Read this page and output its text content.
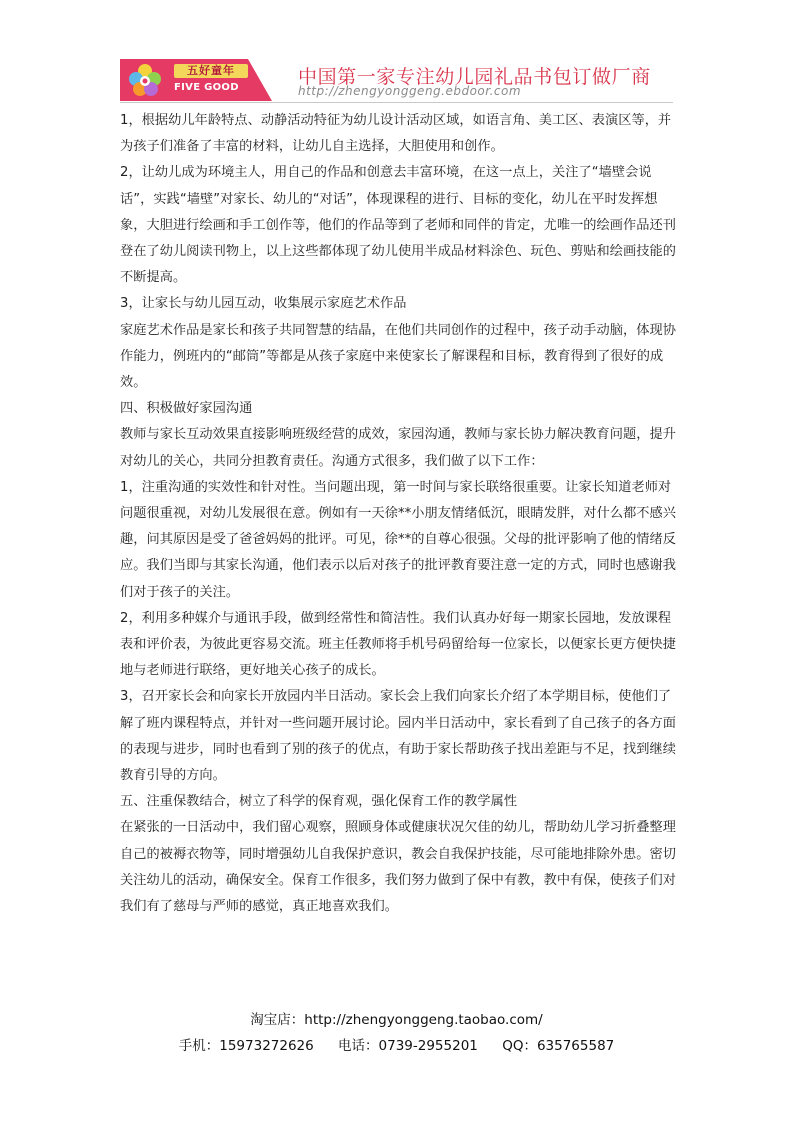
五好童年
FIVE GOOD	中国第一家专注幼儿园礼品书包订做厂商
http://zhengyonggeng.ebdoor.com

1，根据幼儿年龄特点、动静活动特征为幼儿设计活动区域，如语言角、美工区、表演区等，并为孩子们准备了丰富的材料，让幼儿自主选择，大胆使用和创作。

2，让幼儿成为环境主人，用自己的作品和创意去丰富环境，在这一点上，关注了“墙壁会说话”，实践“墙壁”对家长、幼儿的“对话”，体现课程的进行、目标的变化，幼儿在平时发挥想象，大胆进行绘画和手工创作等，他们的作品等到了老师和同伴的肯定，尤唯一的绘画作品还刊登在了幼儿阅读刊物上，以上这些都体现了幼儿使用半成品材料涂色、玩色、剪贴和绘画技能的不断提高。

3，让家长与幼儿园互动，收集展示家庭艺术作品

家庭艺术作品是家长和孩子共同智慧的结晶，在他们共同创作的过程中，孩子动手动脑，体现协作能力，例班内的“邮筒”等都是从孩子家庭中来使家长了解课程和目标，教育得到了很好的成效。

四、积极做好家园沟通

教师与家长互动效果直接影响班级经营的成效，家园沟通，教师与家长协力解决教育问题，提升对幼儿的关心，共同分担教育责任。沟通方式很多，我们做了以下工作：

1，注重沟通的实效性和针对性。当问题出现，第一时间与家长联络很重要。让家长知道老师对问题很重视，对幼儿发展很在意。例如有一天徐**小朋友情绪低沉，眼睛发胖，对什么都不感兴趣，问其原因是受了爸爸妈妈的批评。可见，徐**的自尊心很强。父母的批评影响了他的情绪反应。我们当即与其家长沟通，他们表示以后对孩子的批评教育要注意一定的方式，同时也感谢我们对于孩子的关注。

2，利用多种媒介与通讯手段，做到经常性和简洁性。我们认真办好每一期家长园地，发放课程表和评价表，为彼此更容易交流。班主任教师将手机号码留给每一位家长，以便家长更方便快捷地与老师进行联络，更好地关心孩子的成长。

3，召开家长会和向家长开放园内半日活动。家长会上我们向家长介绍了本学期目标，使他们了解了班内课程特点，并针对一些问题开展讨论。园内半日活动中，家长看到了自己孩子的各方面的表现与进步，同时也看到了别的孩子的优点，有助于家长帮助孩子找出差距与不足，找到继续教育引导的方向。

五、注重保教结合，树立了科学的保育观，强化保育工作的教学属性

在紧张的一日活动中，我们留心观察，照顾身体或健康状况欠佳的幼儿，帮助幼儿学习折叠整理自己的被褥衣物等，同时增强幼儿自我保护意识，教会自我保护技能，尽可能地排除外患。密切关注幼儿的活动，确保安全。保育工作很多，我们努力做到了保中有教，教中有保，使孩子们对我们有了慈母与严师的感觉，真正地喜欢我们。

淘宝店：http://zhengyonggeng.taobao.com/
手机：15973272626 电话：0739-2955201 QQ：635765587
